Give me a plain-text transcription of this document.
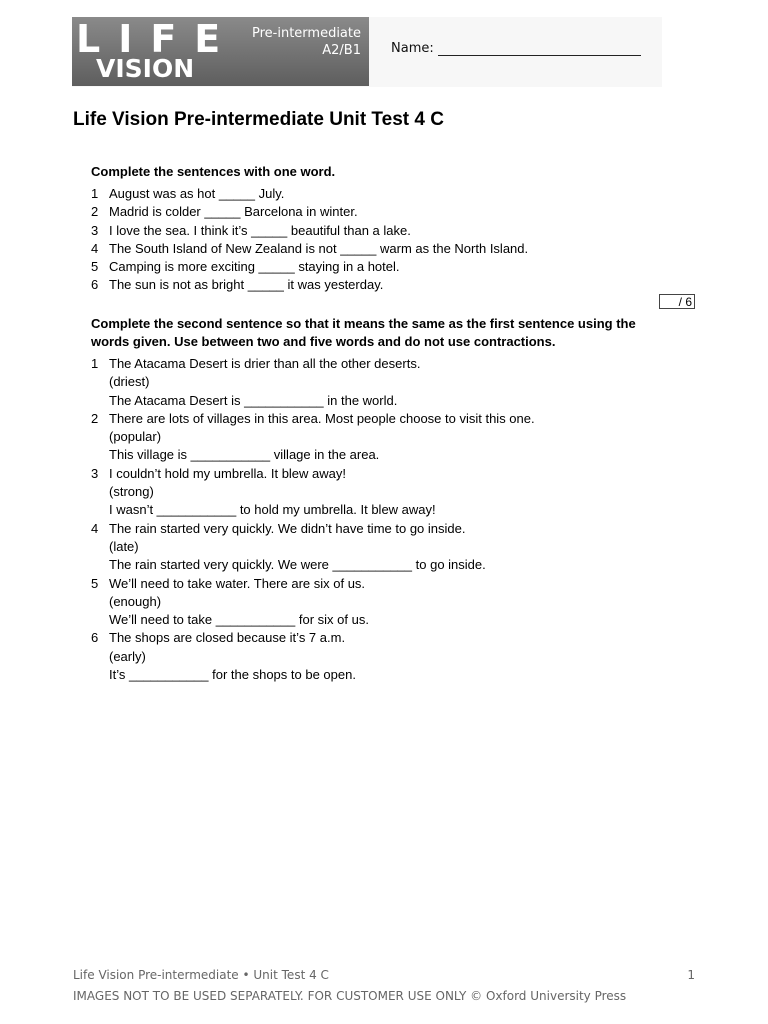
LIFE
VISION
Pre-intermediate
A2/B1 Name:
Life Vision Pre-intermediate Unit Test 4 C

Complete the sentences with one word.

1 August was as hot _____ July.
2 Madrid is colder _____ Barcelona in winter.
3 I love the sea. I think it’s _____ beautiful than a lake.
4 The South Island of New Zealand is not _____ warm as the North Island.
5 Camping is more exciting _____ staying in a hotel.
6 The sun is not as bright _____ it was yesterday.
/ 6

Complete the second sentence so that it means the same as the first sentence using the words given. Use between two and five words and do not use contractions.

1 The Atacama Desert is drier than all the other deserts.
(driest)
The Atacama Desert is ___________ in the world.
2 There are lots of villages in this area. Most people choose to visit this one.
(popular)
This village is ___________ village in the area.
3 I couldn’t hold my umbrella. It blew away!
(strong)
I wasn’t ___________ to hold my umbrella. It blew away!
4 The rain started very quickly. We didn’t have time to go inside.
(late)
The rain started very quickly. We were ___________ to go inside.
5 We’ll need to take water. There are six of us.
(enough)
We’ll need to take ___________ for six of us.
6 The shops are closed because it’s 7 a.m.
(early)
It’s ___________ for the shops to be open.
Life Vision Pre-intermediate • Unit Test 4 C	1
IMAGES NOT TO BE USED SEPARATELY. FOR CUSTOMER USE ONLY © Oxford University Press
